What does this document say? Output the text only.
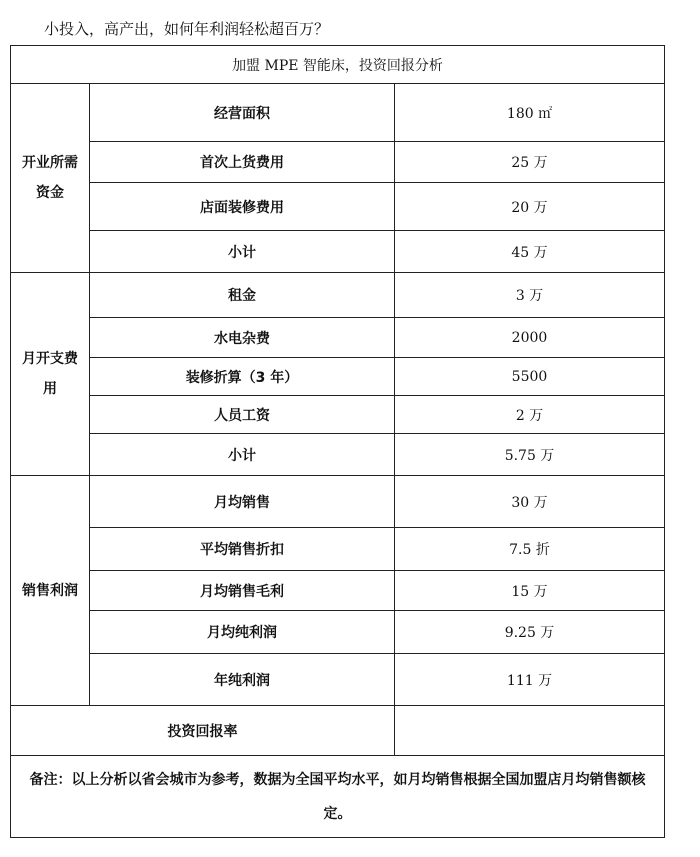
小投入，高产出，如何年利润轻松超百万？
加盟 MPE 智能床，投资回报分析		
开业所需资金	经营面积	180 ㎡
	首次上货费用	25 万
	店面装修费用	20 万
	小计	45 万
月开支费用	租金	3 万
	水电杂费	2000
	装修折算（3 年）	5500
	人员工资	2 万
	小计	5.75 万
销售利润	月均销售	30 万
	平均销售折扣	7.5 折
	月均销售毛利	15 万
	月均纯利润	9.25 万
	年纯利润	111 万
投资回报率		

备注：以上分析以省会城市为参考，数据为全国平均水平，如月均销售根据全国加盟店月均销售额核定。		
